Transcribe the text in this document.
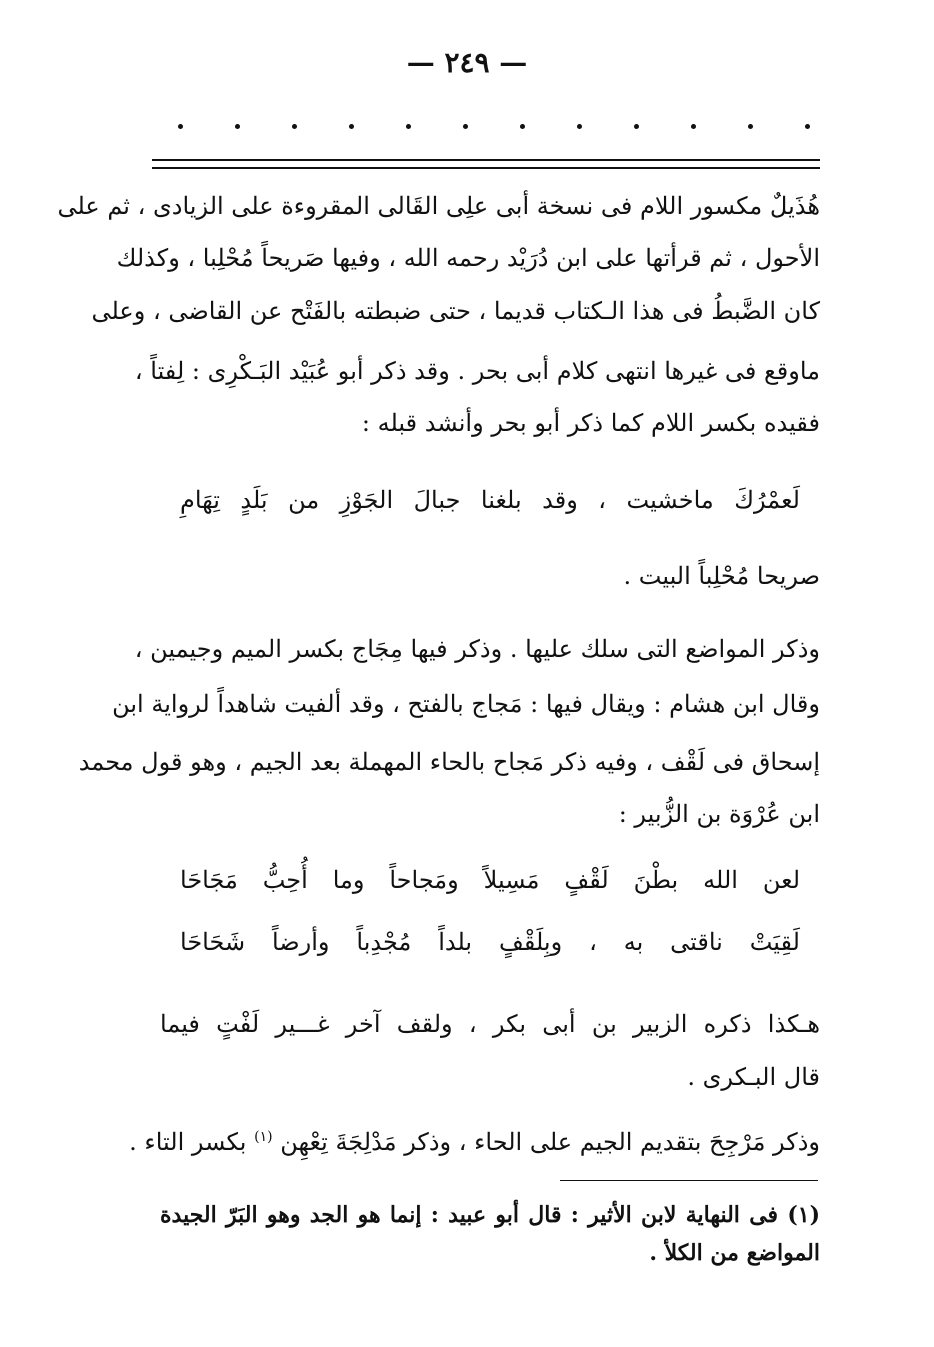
— ٢٤٩ —
هُذَيلٌ مكسور اللام فى نسخة أبى علِى القَالى المقروءة على الزيادى ، ثم على
الأحول ، ثم قرأتها على ابن دُرَيْد رحمه الله ، وفيها صَريحاً مُحْلِبا ، وكذلك
كان الضَّبطُ فى هذا الـكتاب قديما ، حتى ضبطته بالفَتْح عن القاضى ، وعلى
ماوقع فى غيرها انتهى كلام أبى بحر . وقد ذكر أبو عُبَيْد البَـكْرِى : لِفتاً ،
فقيده بكسر اللام كما ذكر أبو بحر وأنشد قبله :
لَعمْرُكَ ماخشيت ، وقد بلغنا جبالَ الجَوْزِ من بَلَدٍ تِهَامِ
صريحا مُحْلِباً البيت .
وذكر المواضع التى سلك عليها . وذكر فيها مِجَاج بكسر الميم وجيمين ،
وقال ابن هشام : ويقال فيها : مَجاج بالفتح ، وقد ألفيت شاهداً لرواية ابن
إسحاق فى لَقْف ، وفيه ذكر مَجاح بالحاء المهملة بعد الجيم ، وهو قول محمد
ابن عُرْوَة بن الزُّبير :
لعن الله بطْنَ لَقْفٍ مَسِيلاً ومَجاحاً وما أُحِبُّ مَجَاحَا
لَقِيَتْ ناقتى به ، وبِلَقْفٍ بلداً مُجْدِباً وأرضاً شَحَاحَا
هـكذا ذكره الزبير بن أبى بكر ، ولقف آخر غـــير لَفْتٍ فيما
قال البـكرى .
وذكر مَرْجِحَ بتقديم الجيم على الحاء ، وذكر مَدْلِجَةَ تِعْهِن $^{(١)}$ بكسر التاء .
(١) فى النهاية لابن الأثير : قال أبو عبيد : إنما هو الجد وهو البَرّ الجيدة
المواضع من الكلأ .
